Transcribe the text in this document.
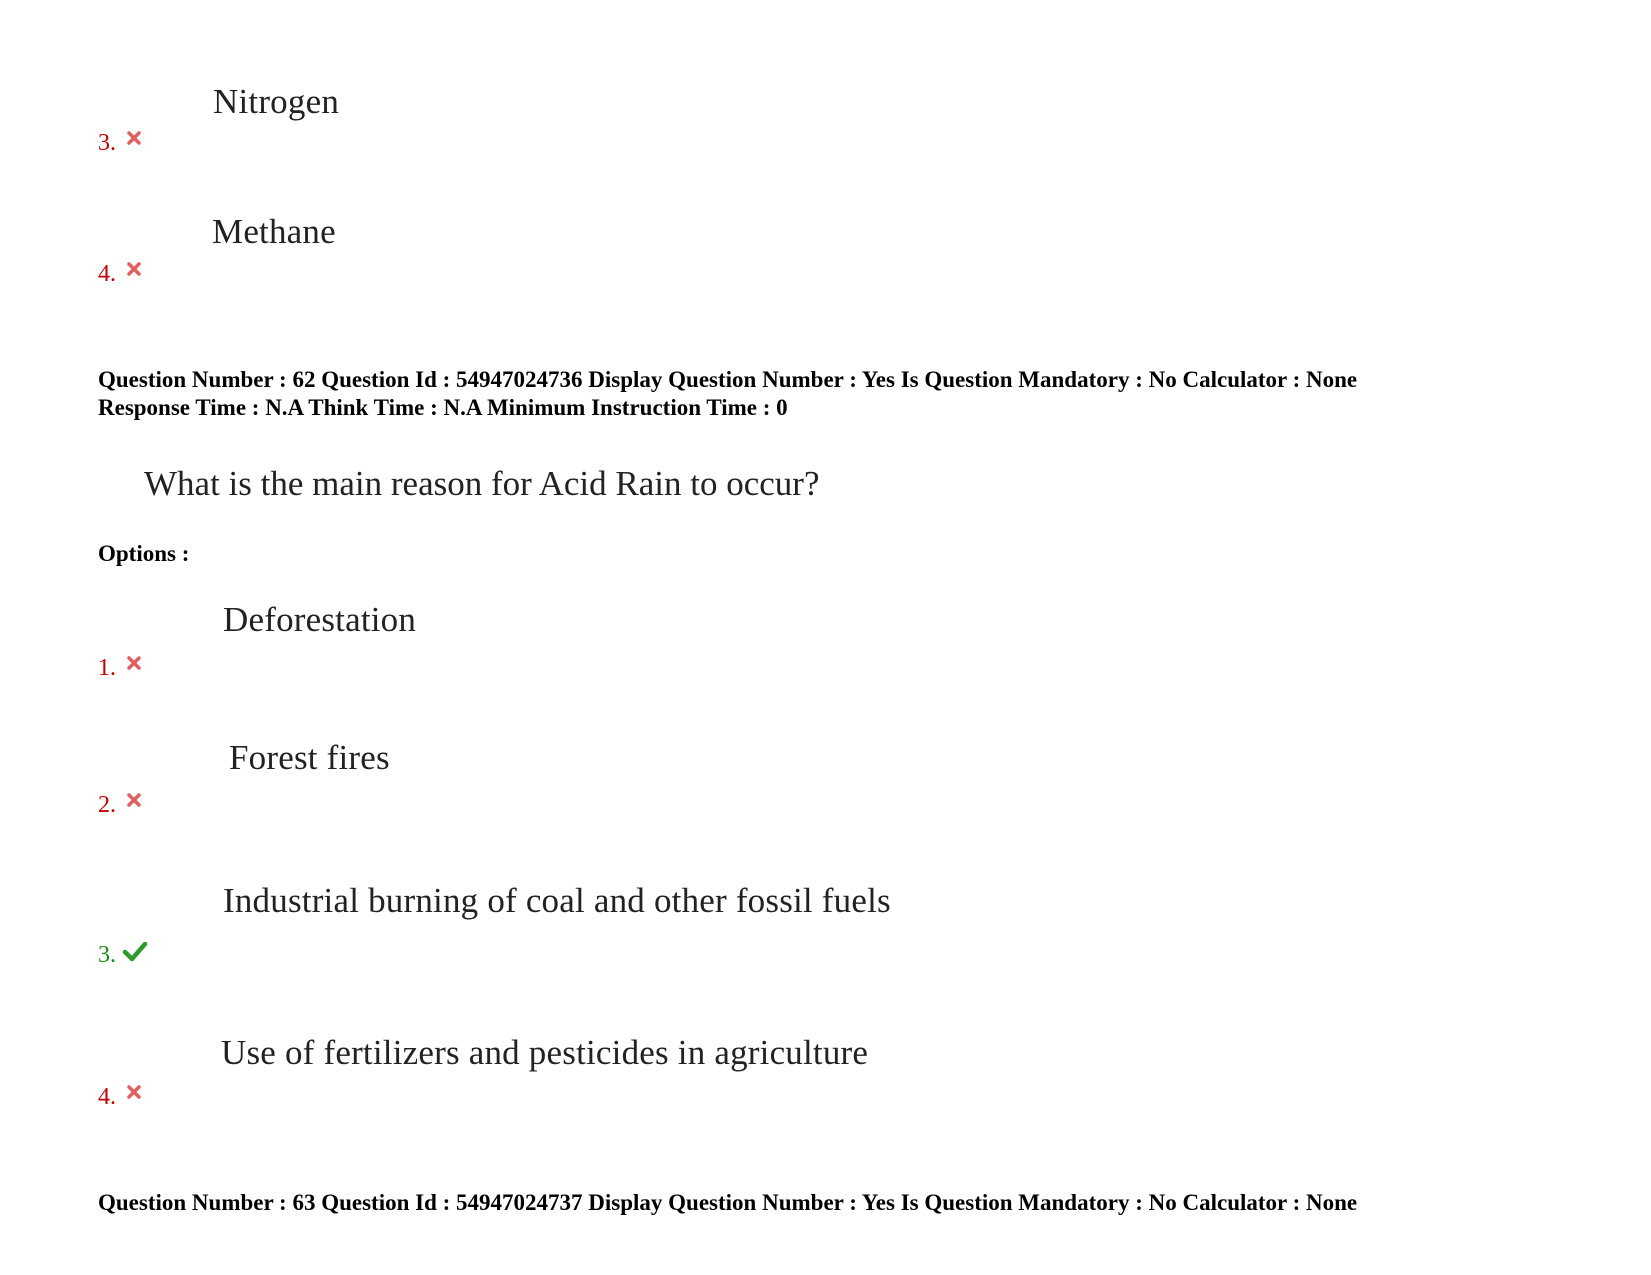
Nitrogen
3.
Methane
4.
Question Number : 62 Question Id : 54947024736 Display Question Number : Yes Is Question Mandatory : No Calculator : None
Response Time : N.A Think Time : N.A Minimum Instruction Time : 0
What is the main reason for Acid Rain to occur?
Options :
Deforestation
1.
Forest fires
2.
Industrial burning of coal and other fossil fuels
3.
Use of fertilizers and pesticides in agriculture
4.
Question Number : 63 Question Id : 54947024737 Display Question Number : Yes Is Question Mandatory : No Calculator : None
